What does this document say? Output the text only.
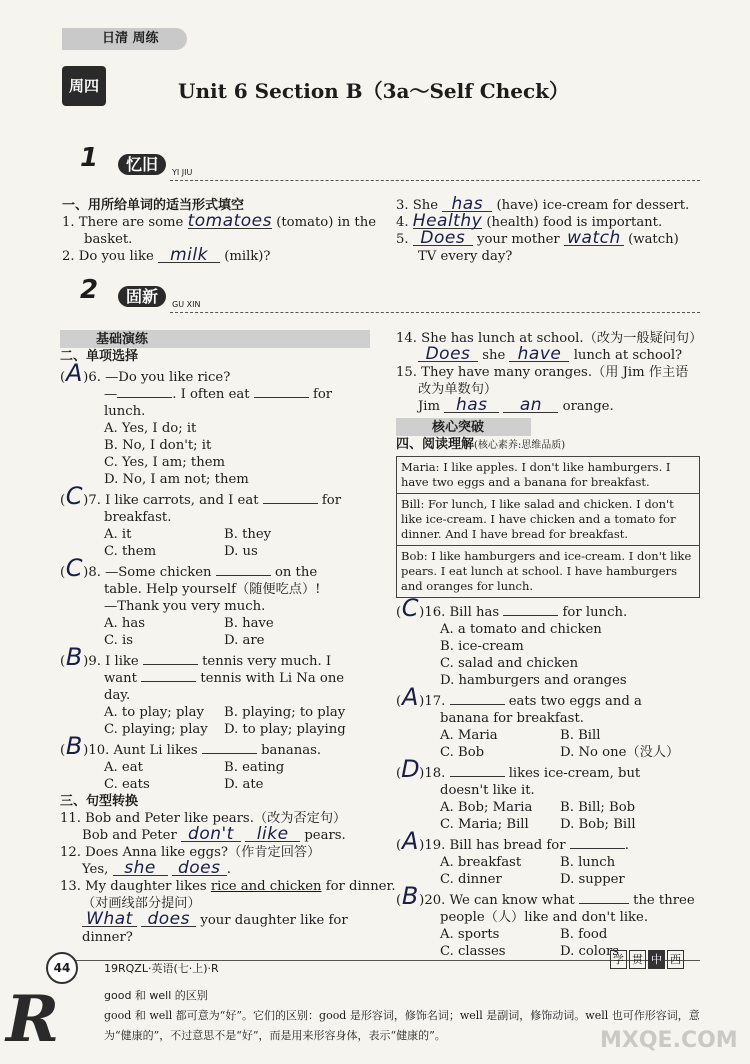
日清 周练
周四	Unit 6 Section B（3a～Self Check）
1	忆旧	YI JIU
一、用所给单词的适当形式填空
1. There are some tomatoes (tomato) in the
basket.
2. Do you like milk (milk)?
3. She has (have) ice-cream for dessert.
4. Healthy (health) food is important.
5. Does your mother watch (watch)
TV every day?
2	固新	GU XIN
基础演练
二、单项选择
(A)6. —Do you like rice?
—	. I often eat	for
lunch.
A. Yes, I do; it
B. No, I don't; it
C. Yes, I am; them
D. No, I am not; them
(C)7. I like carrots, and I eat	for
breakfast.
A. it	B. they
C. them	D. us
(C)8. —Some chicken	on the
table. Help yourself（随便吃点）!
—Thank you very much.
A. has	B. have
C. is	D. are
(B)9. I like	tennis very much. I
want	tennis with Li Na one
day.
A. to play; play	B. playing; to play
C. playing; play	D. to play; playing
(B)10. Aunt Li likes	bananas.
A. eat	B. eating
C. eats	D. ate
三、句型转换
11. Bob and Peter like pears.（改为否定句）
Bob and Peter don't like pears.
12. Does Anna like eggs?（作肯定回答）
Yes, she does .
13. My daughter likes rice and chicken for dinner.
（对画线部分提问）
What does your daughter like for
dinner?
14. She has lunch at school.（改为一般疑问句）
Does she have lunch at school?
15. They have many oranges.（用 Jim 作主语
改为单数句）
Jim has an orange.
核心突破
四、阅读理解(核心素养:思维品质)
Maria: I like apples. I don't like hamburgers. I have two eggs and a banana for breakfast.
Bill: For lunch, I like salad and chicken. I don't like ice-cream. I have chicken and a tomato for dinner. And I have bread for breakfast.
Bob: I like hamburgers and ice-cream. I don't like pears. I eat lunch at school. I have hamburgers and oranges for lunch.
(C)16. Bill has	for lunch.
A. a tomato and chicken
B. ice-cream
C. salad and chicken
D. hamburgers and oranges
(A)17.	eats two eggs and a
banana for breakfast.
A. Maria	B. Bill
C. Bob	D. No one（没人）
(D)18.	likes ice-cream, but
doesn't like it.
A. Bob; Maria	B. Bill; Bob
C. Maria; Bill	D. Bob; Bill
(A)19. Bill has bread for	.
A. breakfast	B. lunch
C. dinner	D. supper
(B)20. We can know what	the three
people（人）like and don't like.
A. sports	B. food
C. classes	D. colors
44	19RQZL·英语(七·上)·R
学 贯 中 西
R	good 和 well 的区别
good 和 well 都可意为“好”。它们的区别：good 是形容词，修饰名词；well 是副词，修饰动词。well 也可作形容词，意为“健康的”，不过意思不是“好”，而是用来形容身体，表示“健康的”。	MXQE.COM
